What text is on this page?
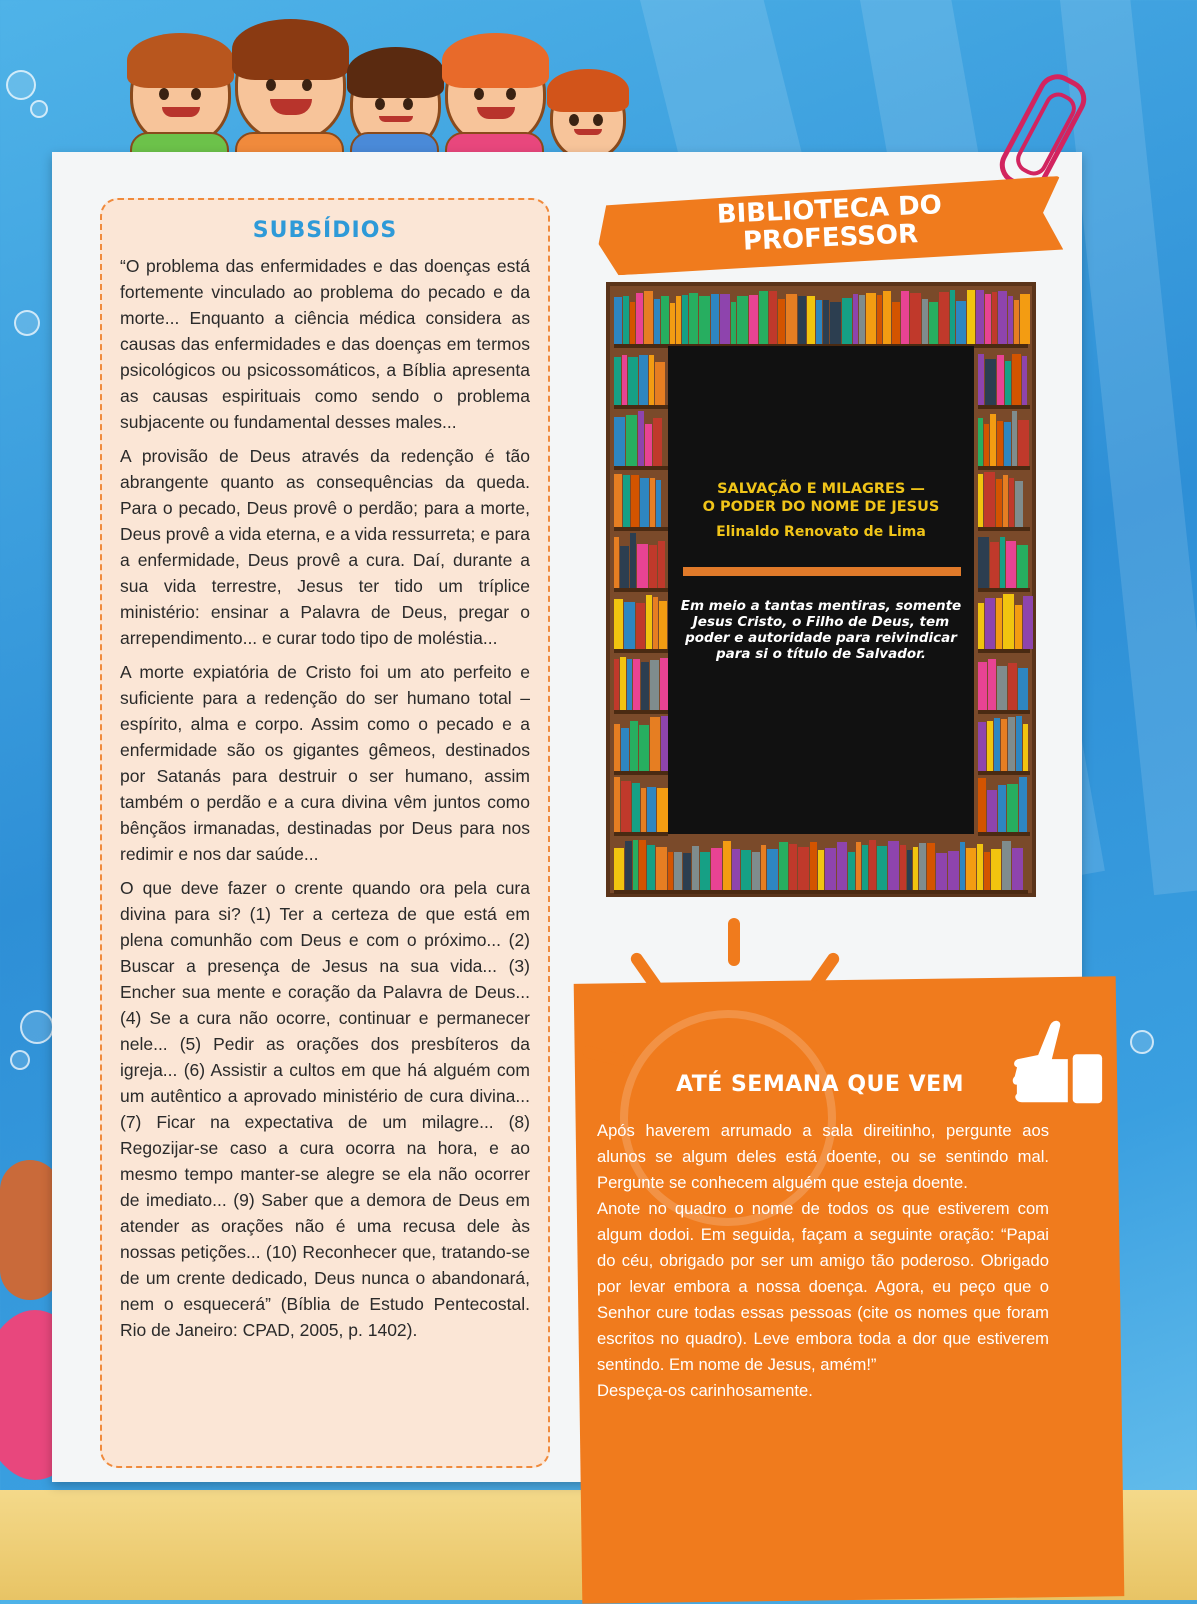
SUBSÍDIOS

“O problema das enfermidades e das doenças está fortemente vinculado ao problema do pecado e da morte... Enquanto a ciência médica considera as causas das enfermidades e das doenças em termos psicológicos ou psicossomáticos, a Bíblia apresenta as causas espirituais como sendo o problema subjacente ou fundamental desses males...

A provisão de Deus através da redenção é tão abrangente quanto as consequências da queda. Para o pecado, Deus provê o perdão; para a morte, Deus provê a vida eterna, e a vida ressurreta; e para a enfermidade, Deus provê a cura. Daí, durante a sua vida terrestre, Jesus ter tido um tríplice ministério: ensinar a Palavra de Deus, pregar o arrependimento... e curar todo tipo de moléstia...

A morte expiatória de Cristo foi um ato perfeito e suficiente para a redenção do ser humano total – espírito, alma e corpo. Assim como o pecado e a enfermidade são os gigantes gêmeos, destinados por Satanás para destruir o ser humano, assim também o perdão e a cura divina vêm juntos como bênçãos irmanadas, destinadas por Deus para nos redimir e nos dar saúde...

O que deve fazer o crente quando ora pela cura divina para si? (1) Ter a certeza de que está em plena comunhão com Deus e com o próximo... (2) Buscar a presença de Jesus na sua vida... (3) Encher sua mente e coração da Palavra de Deus... (4) Se a cura não ocorre, continuar e permanecer nele... (5) Pedir as orações dos presbíteros da igreja... (6) Assistir a cultos em que há alguém com um autêntico a aprovado ministério de cura divina... (7) Ficar na expectativa de um milagre... (8) Regozijar-se caso a cura ocorra na hora, e ao mesmo tempo manter-se alegre se ela não ocorrer de imediato... (9) Saber que a demora de Deus em atender as orações não é uma recusa dele às nossas petições... (10) Reconhecer que, tratando-se de um crente dedicado, Deus nunca o abandonará, nem o esquecerá” (Bíblia de Estudo Pentecostal. Rio de Janeiro: CPAD, 2005, p. 1402).

BIBLIOTECA DO
PROFESSOR
SALVAÇÃO E MILAGRES —
O PODER DO NOME DE JESUS
Elinaldo Renovato de Lima
Em meio a tantas mentiras, somente Jesus Cristo, o Filho de Deus, tem poder e autoridade para reivindicar para si o título de Salvador.
ATÉ SEMANA QUE VEM

Após haverem arrumado a sala direitinho, pergunte aos alunos se algum deles está doente, ou se sentindo mal. Pergunte se conhecem alguém que esteja doente.

Anote no quadro o nome de todos os que estiverem com algum dodoi. Em seguida, façam a seguinte oração: “Papai do céu, obrigado por ser um amigo tão poderoso. Obrigado por levar embora a nossa doença. Agora, eu peço que o Senhor cure todas essas pessoas (cite os nomes que foram escritos no quadro). Leve embora toda a dor que estiverem sentindo. Em nome de Jesus, amém!”

Despeça-os carinhosamente.
